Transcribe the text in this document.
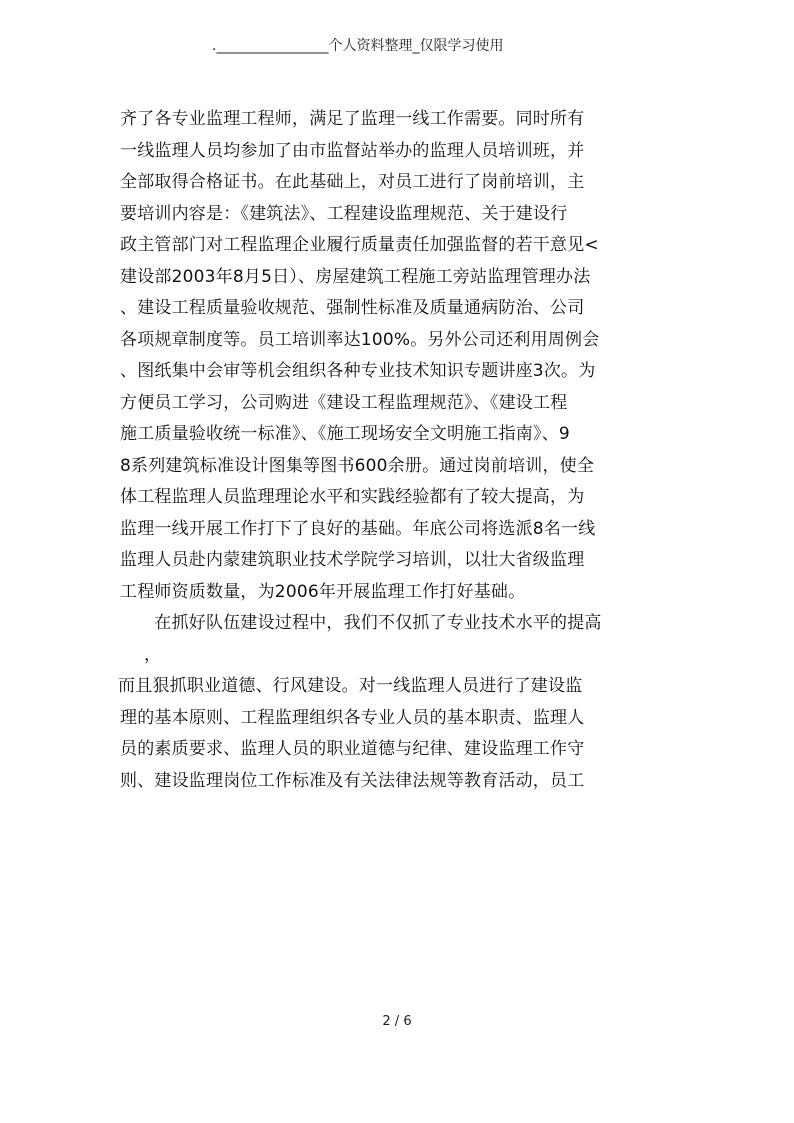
.________________个人资料整理_仅限学习使用
齐了各专业监理工程师，满足了监理一线工作需要。同时所有
一线监理人员均参加了由市监督站举办的监理人员培训班，并
全部取得合格证书。在此基础上，对员工进行了岗前培训，主
要培训内容是：《建筑法》、工程建设监理规范、关于建设行
政主管部门对工程监理企业履行质量责任加强监督的若干意见<
建设部2003年8月5日）、房屋建筑工程施工旁站监理管理办法
、建设工程质量验收规范、强制性标准及质量通病防治、公司
各项规章制度等。员工培训率达100%。另外公司还利用周例会
、图纸集中会审等机会组织各种专业技术知识专题讲座3次。为
方便员工学习，公司购进《建设工程监理规范》、《建设工程
施工质量验收统一标准》、《施工现场安全文明施工指南》、9
8系列建筑标准设计图集等图书600余册。通过岗前培训，使全
体工程监理人员监理理论水平和实践经验都有了较大提高，为
监理一线开展工作打下了良好的基础。年底公司将选派8名一线
监理人员赴内蒙建筑职业技术学院学习培训，以壮大省级监理
工程师资质数量，为2006年开展监理工作打好基础。
　　在抓好队伍建设过程中，我们不仅抓了专业技术水平的提高
，
而且狠抓职业道德、行风建设。对一线监理人员进行了建设监
理的基本原则、工程监理组织各专业人员的基本职责、监理人
员的素质要求、监理人员的职业道德与纪律、建设监理工作守
则、建设监理岗位工作标准及有关法律法规等教育活动，员工
2 / 6
